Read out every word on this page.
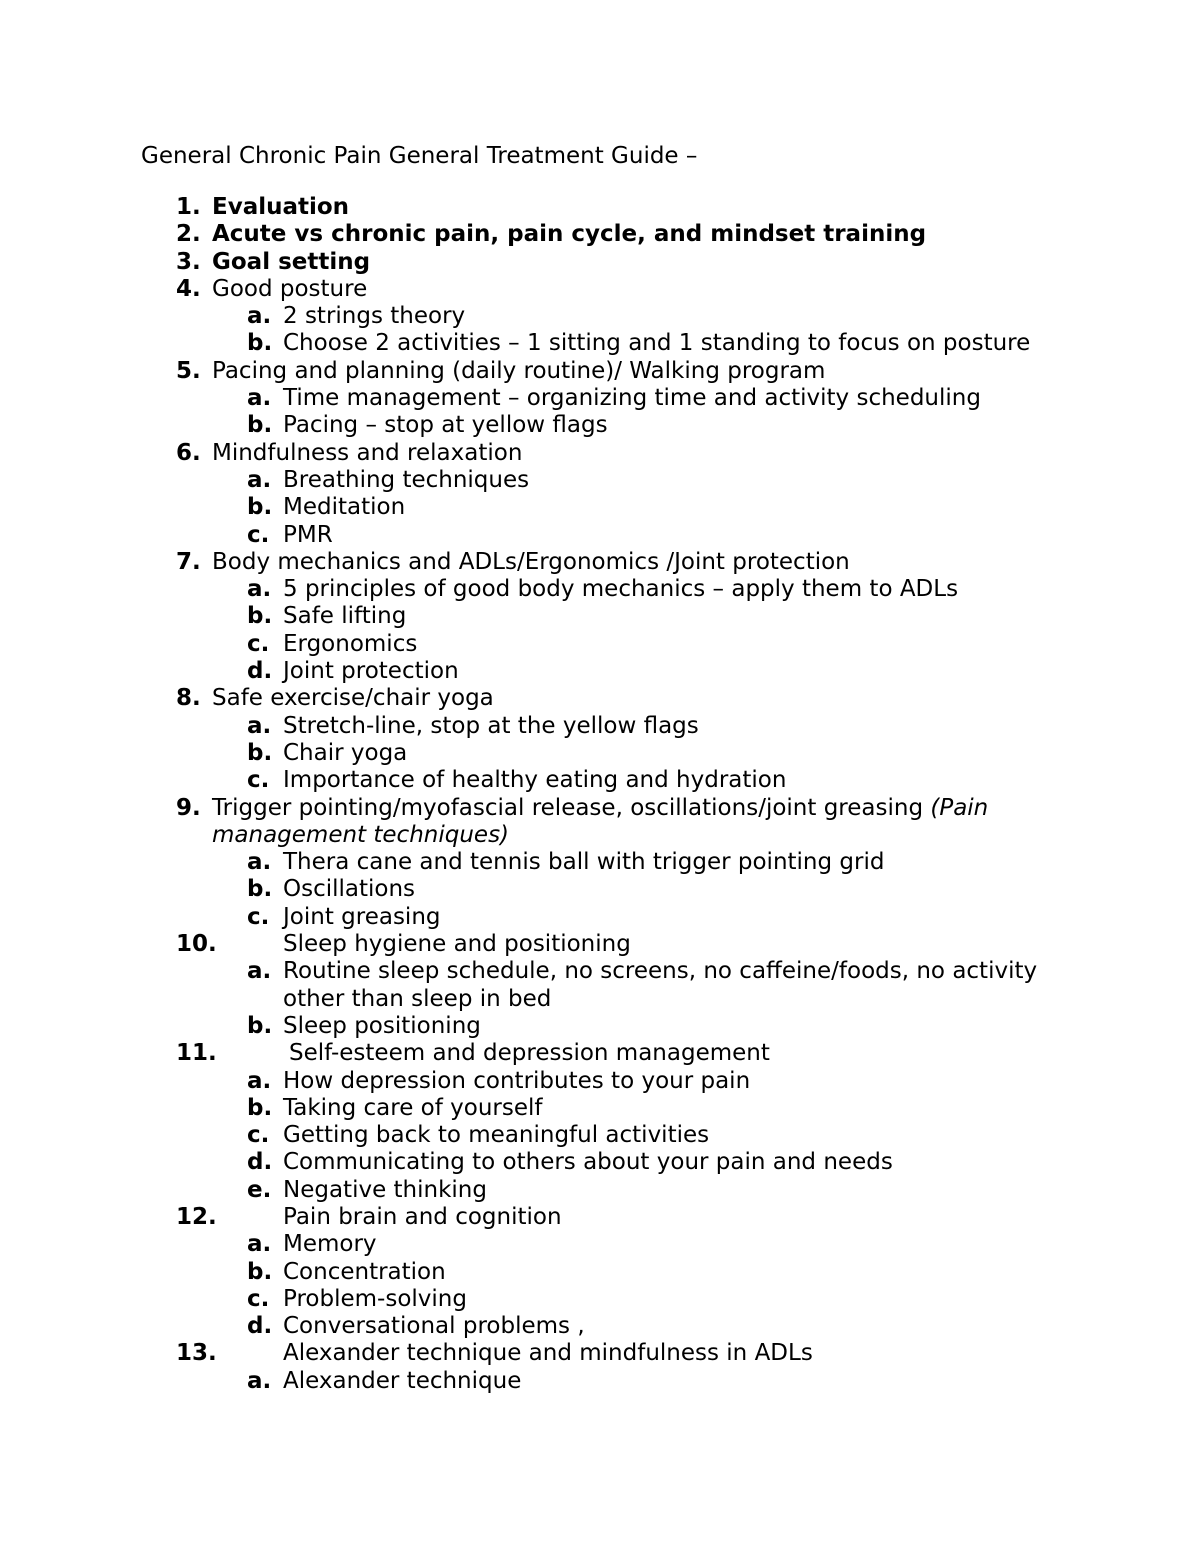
General Chronic Pain General Treatment Guide –
1. Evaluation
2. Acute vs chronic pain, pain cycle, and mindset training
3. Goal setting
4. Good posture
a. 2 strings theory
b. Choose 2 activities – 1 sitting and 1 standing to focus on posture
5. Pacing and planning (daily routine)/ Walking program
a. Time management – organizing time and activity scheduling
b. Pacing – stop at yellow flags
6. Mindfulness and relaxation
a. Breathing techniques
b. Meditation
c. PMR
7. Body mechanics and ADLs/Ergonomics /Joint protection
a. 5 principles of good body mechanics – apply them to ADLs
b. Safe lifting
c. Ergonomics
d. Joint protection
8. Safe exercise/chair yoga
a. Stretch-line, stop at the yellow flags
b. Chair yoga
c. Importance of healthy eating and hydration
9. Trigger pointing/myofascial release, oscillations/joint greasing (Pain
management techniques)
a. Thera cane and tennis ball with trigger pointing grid
b. Oscillations
c. Joint greasing
10.	Sleep hygiene and positioning
a. Routine sleep schedule, no screens, no caffeine/foods, no activity
other than sleep in bed
b. Sleep positioning
11.	Self-esteem and depression management
a. How depression contributes to your pain
b. Taking care of yourself
c. Getting back to meaningful activities
d. Communicating to others about your pain and needs
e. Negative thinking
12.	Pain brain and cognition
a. Memory
b. Concentration
c. Problem-solving
d. Conversational problems ,
13.	Alexander technique and mindfulness in ADLs
a. Alexander technique
